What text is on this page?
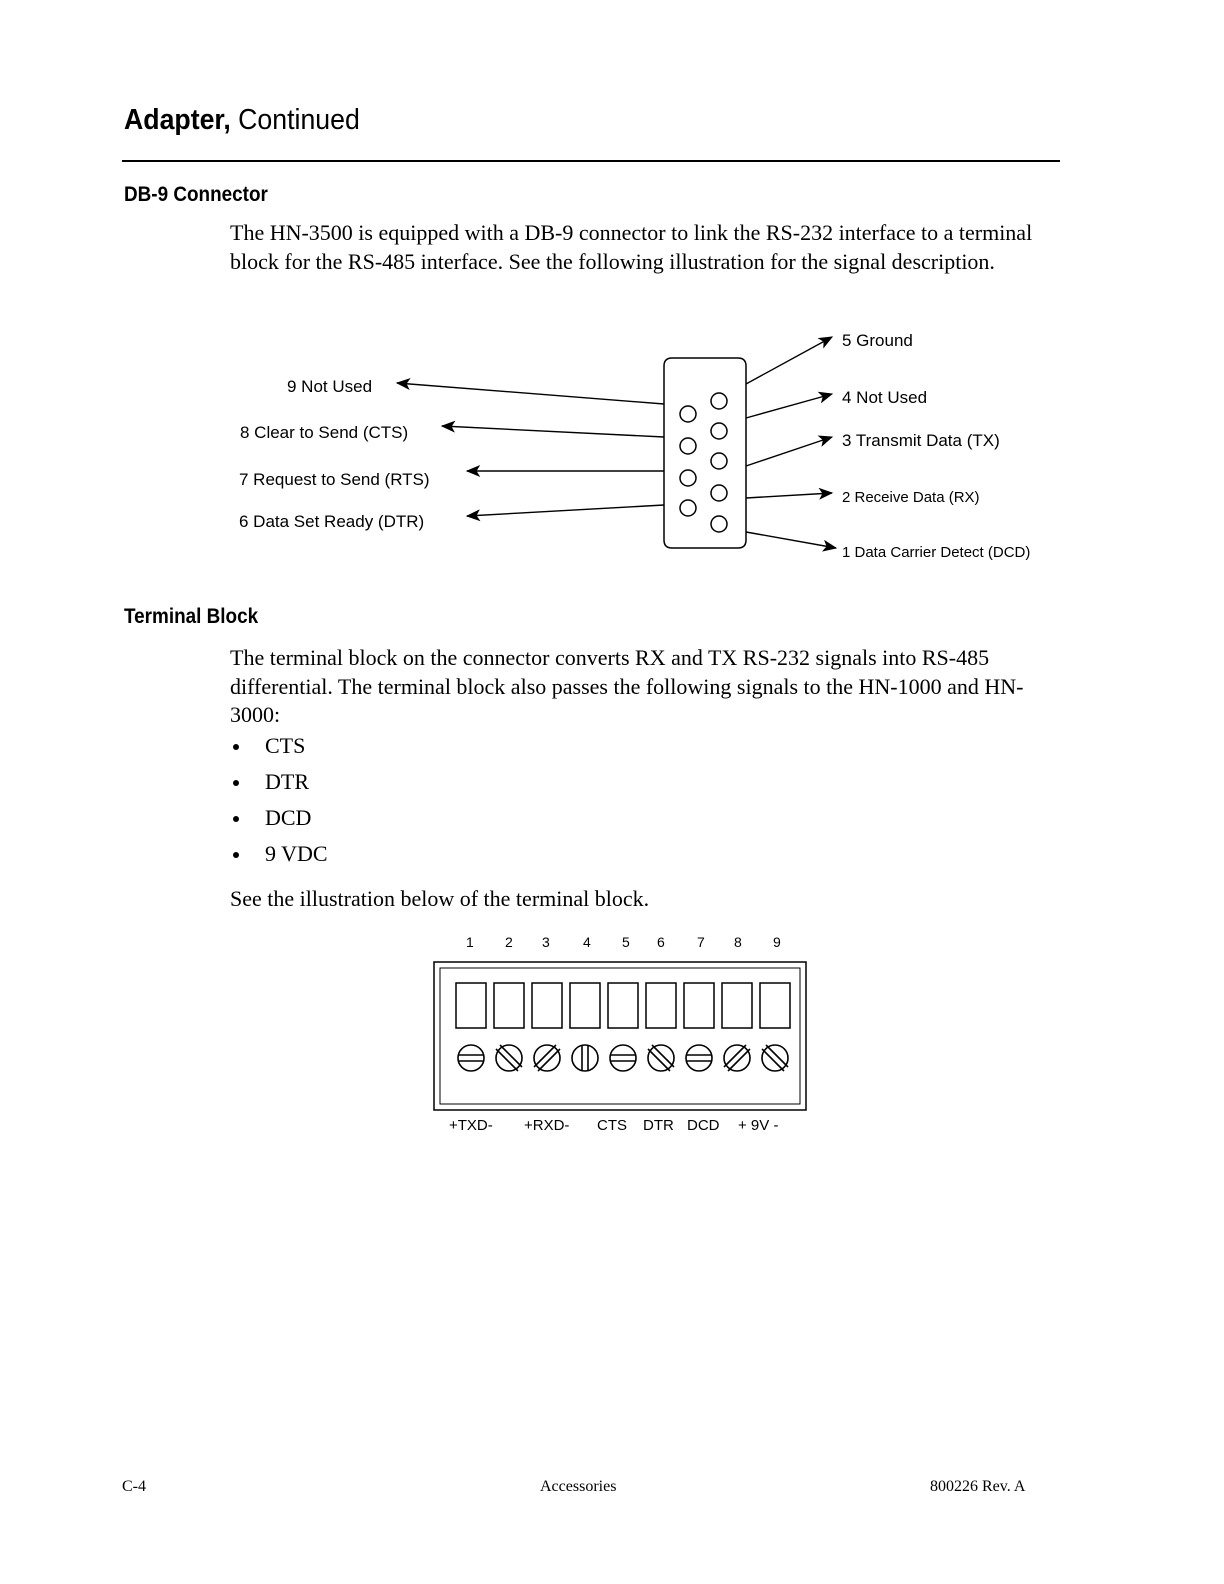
Adapter, Continued
DB-9 Connector
The HN-3500 is equipped with a DB-9 connector to link the RS-232 interface to a terminal block for the RS-485 interface. See the following illustration for the signal description.
9 Not Used
8 Clear to Send (CTS)
7 Request to Send (RTS)
6 Data Set Ready (DTR)
5 Ground
4 Not Used
3 Transmit Data (TX)
2 Receive Data (RX)
1 Data Carrier Detect (DCD)
Terminal Block
The terminal block on the connector converts RX and TX RS-232 signals into RS-485 differential. The terminal block also passes the following signals to the HN-1000 and HN-3000:
CTS
DTR
DCD
9 VDC
See the illustration below of the terminal block.
1 2 3 4 5 6 7 8 9
+TXD- +RXD- CTS DTR DCD + 9V -
C-4	Accessories	800226 Rev. A
